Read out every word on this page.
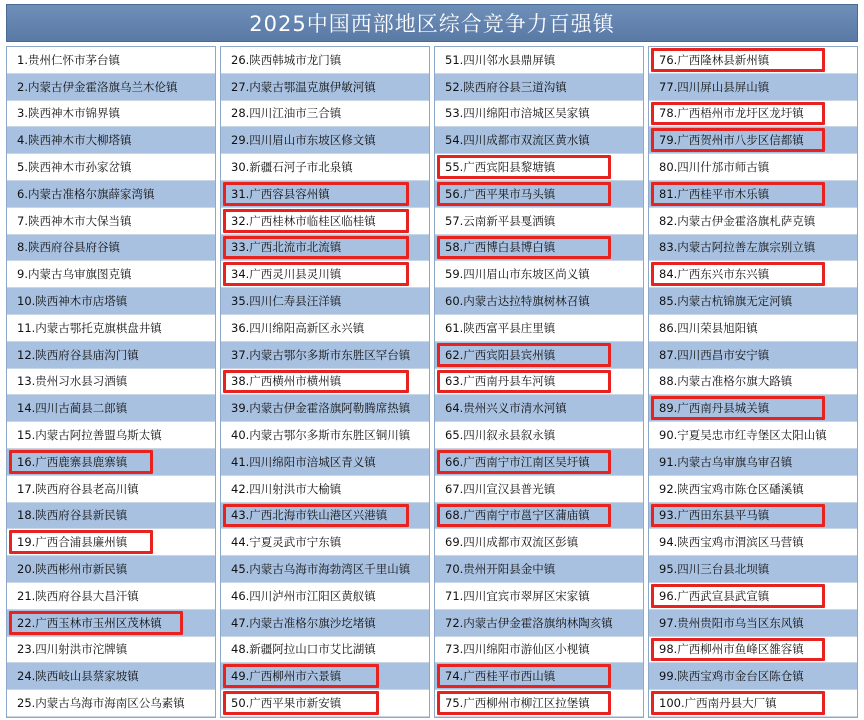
2025中国西部地区综合竞争力百强镇
1.贵州仁怀市茅台镇
2.内蒙古伊金霍洛旗乌兰木伦镇
3.陕西神木市锦界镇
4.陕西神木市大柳塔镇
5.陕西神木市孙家岔镇
6.内蒙古准格尔旗薛家湾镇
7.陕西神木市大保当镇
8.陕西府谷县府谷镇
9.内蒙古乌审旗图克镇
10.陕西神木市店塔镇
11.内蒙古鄂托克旗棋盘井镇
12.陕西府谷县庙沟门镇
13.贵州习水县习酒镇
14.四川古蔺县二郎镇
15.内蒙古阿拉善盟乌斯太镇
16.广西鹿寨县鹿寨镇
17.陕西府谷县老高川镇
18.陕西府谷县新民镇
19.广西合浦县廉州镇
20.陕西彬州市新民镇
21.陕西府谷县大昌汗镇
22.广西玉林市玉州区茂林镇
23.四川射洪市沱牌镇
24.陕西岐山县蔡家坡镇
25.内蒙古乌海市海南区公乌素镇
26.陕西韩城市龙门镇
27.内蒙古鄂温克旗伊敏河镇
28.四川江油市三合镇
29.四川眉山市东坡区修文镇
30.新疆石河子市北泉镇
31.广西容县容州镇
32.广西桂林市临桂区临桂镇
33.广西北流市北流镇
34.广西灵川县灵川镇
35.四川仁寿县汪洋镇
36.四川绵阳高新区永兴镇
37.内蒙古鄂尔多斯市东胜区罕台镇
38.广西横州市横州镇
39.内蒙古伊金霍洛旗阿勒腾席热镇
40.内蒙古鄂尔多斯市东胜区铜川镇
41.四川绵阳市涪城区青义镇
42.四川射洪市大榆镇
43.广西北海市铁山港区兴港镇
44.宁夏灵武市宁东镇
45.内蒙古乌海市海勃湾区千里山镇
46.四川泸州市江阳区黄舣镇
47.内蒙古准格尔旗沙圪堵镇
48.新疆阿拉山口市艾比湖镇
49.广西柳州市六景镇
50.广西平果市新安镇
51.四川邻水县鼎屏镇
52.陕西府谷县三道沟镇
53.四川绵阳市涪城区吴家镇
54.四川成都市双流区黄水镇
55.广西宾阳县黎塘镇
56.广西平果市马头镇
57.云南新平县戛洒镇
58.广西博白县博白镇
59.四川眉山市东坡区尚义镇
60.内蒙古达拉特旗树林召镇
61.陕西富平县庄里镇
62.广西宾阳县宾州镇
63.广西南丹县车河镇
64.贵州兴义市清水河镇
65.四川叙永县叙永镇
66.广西南宁市江南区吴圩镇
67.四川宣汉县普光镇
68.广西南宁市邕宁区蒲庙镇
69.四川成都市双流区彭镇
70.贵州开阳县金中镇
71.四川宜宾市翠屏区宋家镇
72.内蒙古伊金霍洛旗纳林陶亥镇
73.四川绵阳市游仙区小枧镇
74.广西桂平市西山镇
75.广西柳州市柳江区拉堡镇
76.广西隆林县新州镇
77.四川屏山县屏山镇
78.广西梧州市龙圩区龙圩镇
79.广西贺州市八步区信都镇
80.四川什邡市师古镇
81.广西桂平市木乐镇
82.内蒙古伊金霍洛旗札萨克镇
83.内蒙古阿拉善左旗宗别立镇
84.广西东兴市东兴镇
85.内蒙古杭锦旗无定河镇
86.四川荣县旭阳镇
87.四川西昌市安宁镇
88.内蒙古准格尔旗大路镇
89.广西南丹县城关镇
90.宁夏吴忠市红寺堡区太阳山镇
91.内蒙古乌审旗乌审召镇
92.陕西宝鸡市陈仓区磻溪镇
93.广西田东县平马镇
94.陕西宝鸡市渭滨区马营镇
95.四川三台县北坝镇
96.广西武宣县武宣镇
97.贵州贵阳市乌当区东风镇
98.广西柳州市鱼峰区雒容镇
99.陕西宝鸡市金台区陈仓镇
100.广西南丹县大厂镇
